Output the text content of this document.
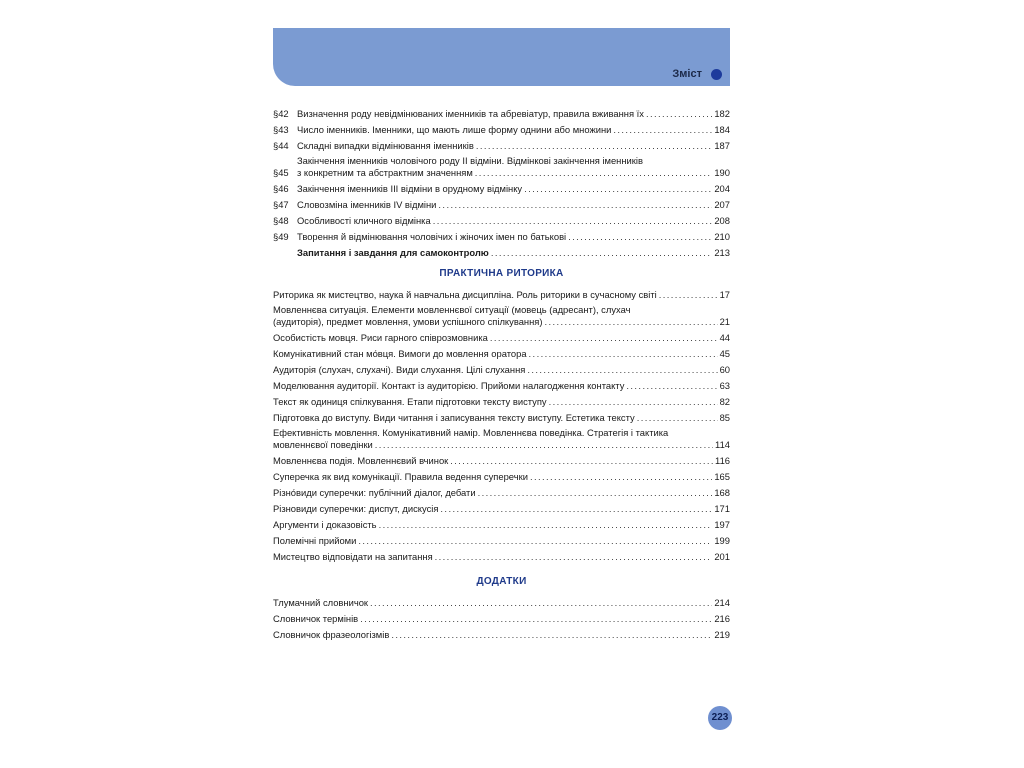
Зміст
§42 Визначення роду невідмінюваних іменників та абревіатур, правила вживання їх . . .	182
§43 Число іменників. Іменники, що мають лише форму однини або множини . . .	184
§44 Складні випадки відмінювання іменників . . .	187
§45
Закінчення іменників чоловічого роду ІІ відміни. Відмінкові закінчення іменників
з конкретним та абстрактним значенням . . .	190
§46 Закінчення іменників ІІІ відміни в орудному відмінку . . .	204
§47 Словозміна іменників IV відміни . . .	207
§48 Особливості кличного відмінка . . .	208
§49 Творення й відмінювання чоловічих і жіночих імен по батькові . . .	210
Запитання і завдання для самоконтролю . . .	213
ПРАКТИЧНА РИТОРИКА
Риторика як мистецтво, наука й навчальна дисципліна. Роль риторики в сучасному світі . . .	17
Мовленнєва ситуація. Елементи мовленнєвої ситуації (мовець (адресант), слухач
(аудиторія), предмет мовлення, умови успішного спілкування) . . .	21
Особистість мовця. Риси гарного співрозмовника . . .	44
Комунікативний стан мо́вця. Вимоги до мовлення оратора . . .	45
Аудиторія (слухач, слухачі). Види слухання. Цілі слухання . . .	60
Моделювання аудиторії. Контакт із аудиторією. Прийоми налагодження контакту . . .	63
Текст як одиниця спілкування. Етапи підготовки тексту виступу . . .	82
Підготовка до виступу. Види читання і записування тексту виступу. Естетика тексту . . .	85
Ефективність мовлення. Комунікативний намір. Мовленнєва поведінка. Стратегія і тактика
мовленнєвої поведінки . . .	114
Мовленнєва подія. Мовленнєвий вчинок . . .	116
Суперечка як вид комунікації. Правила ведення суперечки . . .	165
Різно́види суперечки: публічний діалог, дебати . . .	168
Різновиди суперечки: диспут, дискусія . . .	171
Аргументи і доказовість . . .	197
Полемічні прийоми . . .	199
Мистецтво відповідати на запитання . . .	201
ДОДАТКИ
Тлумачний словничок . . .	214
Словничок термінів . . .	216
Словничок фразеологізмів . . .	219
223
